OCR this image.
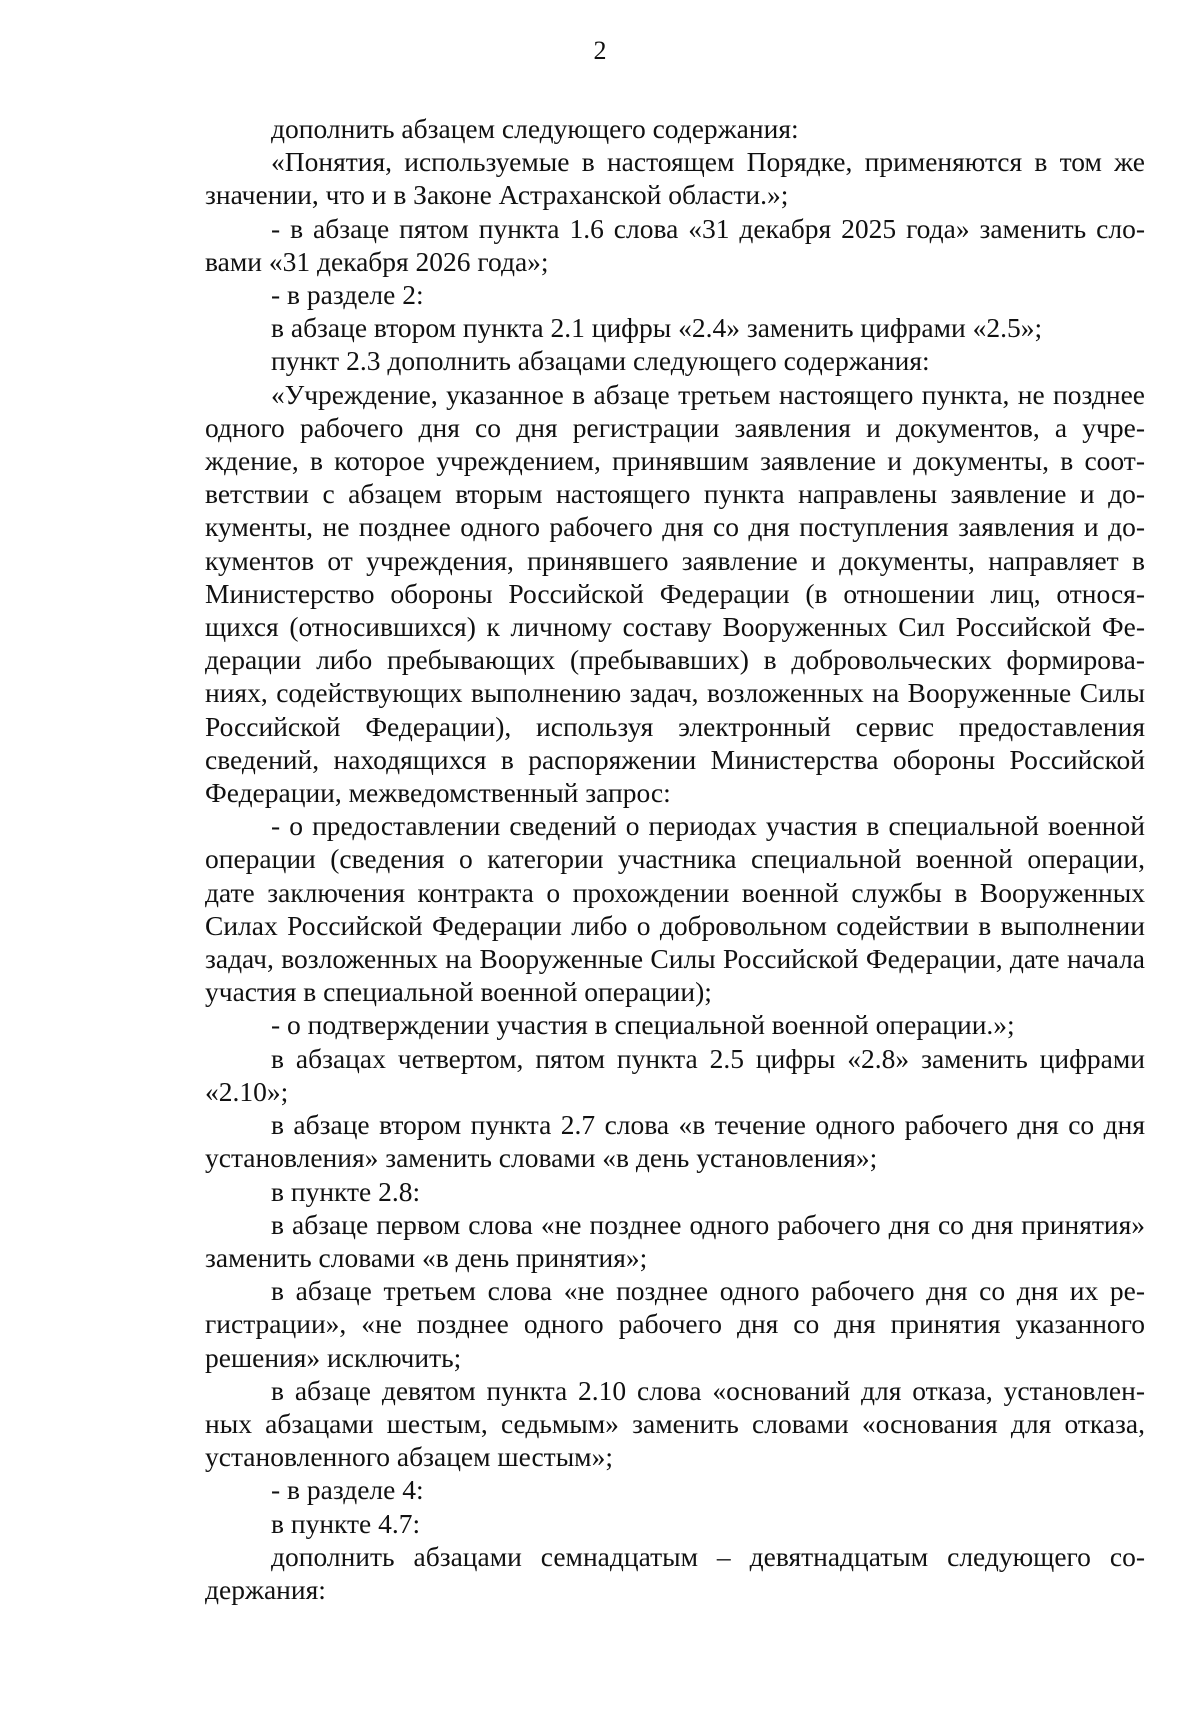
2

дополнить абзацем следующего содержания:

«Понятия, используемые в настоящем Порядке, применяются в том же значении, что и в Законе Астраханской области.»;

- в абзаце пятом пункта 1.6 слова «31 декабря 2025 года» заменить словами «31 декабря 2026 года»;

- в разделе 2:

в абзаце втором пункта 2.1 цифры «2.4» заменить цифрами «2.5»;

пункт 2.3 дополнить абзацами следующего содержания:

«Учреждение, указанное в абзаце третьем настоящего пункта, не позднее одного рабочего дня со дня регистрации заявления и документов, а учреждение, в которое учреждением, принявшим заявление и документы, в соответствии с абзацем вторым настоящего пункта направлены заявление и документы, не позднее одного рабочего дня со дня поступления заявления и документов от учреждения, принявшего заявление и документы, направляет в Министерство обороны Российской Федерации (в отношении лиц, относящихся (относившихся) к личному составу Вооруженных Сил Российской Федерации либо пребывающих (пребывавших) в добровольческих формированиях, содействующих выполнению задач, возложенных на Вооруженные Силы Российской Федерации), используя электронный сервис предоставления сведений, находящихся в распоряжении Министерства обороны Российской Федерации, межведомственный запрос:

- о предоставлении сведений о периодах участия в специальной военной операции (сведения о категории участника специальной военной операции, дате заключения контракта о прохождении военной службы в Вооруженных Силах Российской Федерации либо о добровольном содействии в выполнении задач, возложенных на Вооруженные Силы Российской Федерации, дате начала участия в специальной военной операции);

- о подтверждении участия в специальной военной операции.»;

в абзацах четвертом, пятом пункта 2.5 цифры «2.8» заменить цифрами «2.10»;

в абзаце втором пункта 2.7 слова «в течение одного рабочего дня со дня установления» заменить словами «в день установления»;

в пункте 2.8:

в абзаце первом слова «не позднее одного рабочего дня со дня принятия» заменить словами «в день принятия»;

в абзаце третьем слова «не позднее одного рабочего дня со дня их регистрации», «не позднее одного рабочего дня со дня принятия указанного решения» исключить;

в абзаце девятом пункта 2.10 слова «оснований для отказа, установленных абзацами шестым, седьмым» заменить словами «основания для отказа, установленного абзацем шестым»;

- в разделе 4:

в пункте 4.7:

дополнить абзацами семнадцатым – девятнадцатым следующего содержания:
